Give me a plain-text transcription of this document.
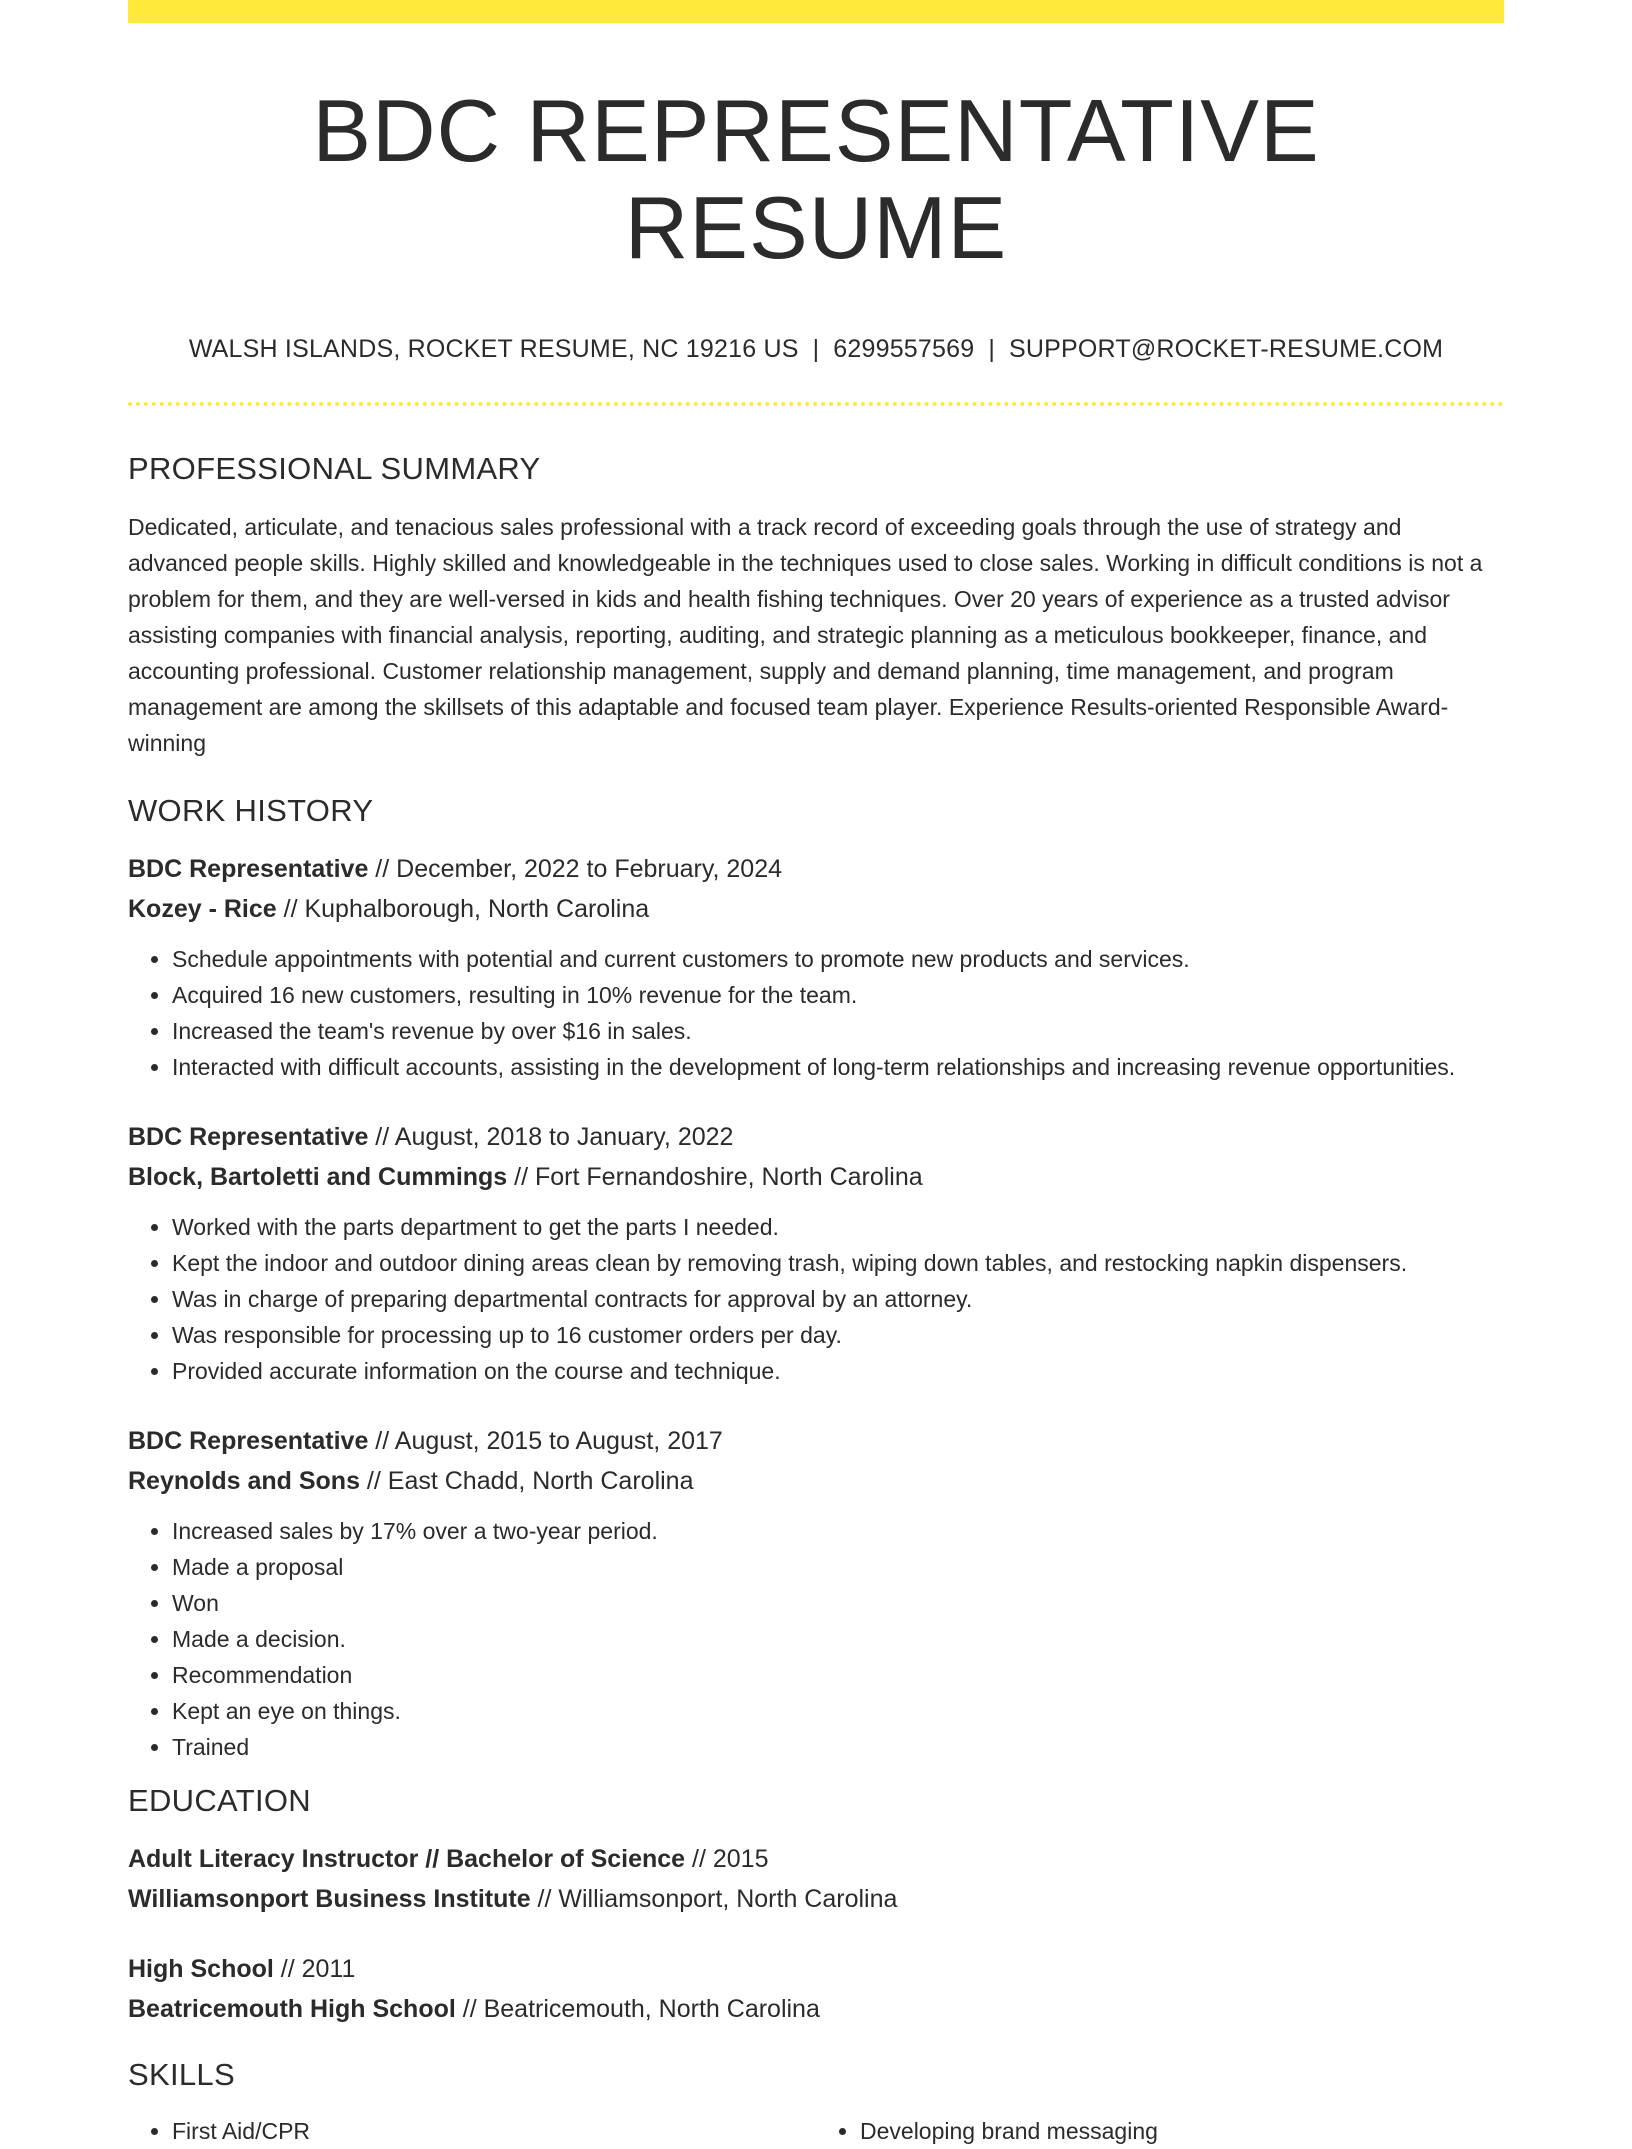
BDC REPRESENTATIVE RESUME
WALSH ISLANDS, ROCKET RESUME, NC 19216 US | 6299557569 | SUPPORT@ROCKET-RESUME.COM
PROFESSIONAL SUMMARY
Dedicated, articulate, and tenacious sales professional with a track record of exceeding goals through the use of strategy and advanced people skills. Highly skilled and knowledgeable in the techniques used to close sales. Working in difficult conditions is not a problem for them, and they are well-versed in kids and health fishing techniques. Over 20 years of experience as a trusted advisor assisting companies with financial analysis, reporting, auditing, and strategic planning as a meticulous bookkeeper, finance, and accounting professional. Customer relationship management, supply and demand planning, time management, and program management are among the skillsets of this adaptable and focused team player. Experience Results-oriented Responsible Award-winning
WORK HISTORY
BDC Representative // December, 2022 to February, 2024
Kozey - Rice // Kuphalborough, North Carolina
• Schedule appointments with potential and current customers to promote new products and services.
• Acquired 16 new customers, resulting in 10% revenue for the team.
• Increased the team's revenue by over $16 in sales.
• Interacted with difficult accounts, assisting in the development of long-term relationships and increasing revenue opportunities.
BDC Representative // August, 2018 to January, 2022
Block, Bartoletti and Cummings // Fort Fernandoshire, North Carolina
• Worked with the parts department to get the parts I needed.
• Kept the indoor and outdoor dining areas clean by removing trash, wiping down tables, and restocking napkin dispensers.
• Was in charge of preparing departmental contracts for approval by an attorney.
• Was responsible for processing up to 16 customer orders per day.
• Provided accurate information on the course and technique.
BDC Representative // August, 2015 to August, 2017
Reynolds and Sons // East Chadd, North Carolina
• Increased sales by 17% over a two-year period.
• Made a proposal
• Won
• Made a decision.
• Recommendation
• Kept an eye on things.
• Trained
EDUCATION
Adult Literacy Instructor // Bachelor of Science // 2015
Williamsonport Business Institute // Williamsonport, North Carolina
High School // 2011
Beatricemouth High School // Beatricemouth, North Carolina
SKILLS
• First Aid/CPR
•	Developing brand messaging
